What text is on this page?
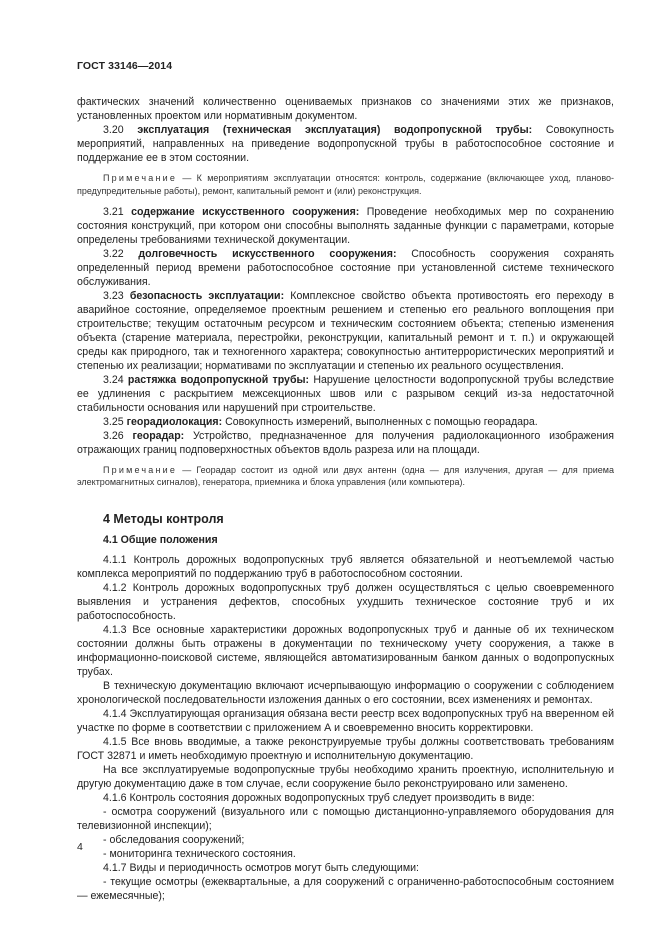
ГОСТ 33146—2014

фактических значений количественно оцениваемых признаков со значениями этих же признаков, установленных проектом или нормативным документом.

3.20 эксплуатация (техническая эксплуатация) водопропускной трубы: Совокупность мероприятий, направленных на приведение водопропускной трубы в работоспособное состояние и поддержание ее в этом состоянии.

Примечание — К мероприятиям эксплуатации относятся: контроль, содержание (включающее уход, планово-предупредительные работы), ремонт, капитальный ремонт и (или) реконструкция.

3.21 содержание искусственного сооружения: Проведение необходимых мер по сохранению состояния конструкций, при котором они способны выполнять заданные функции с параметрами, которые определены требованиями технической документации.

3.22 долговечность искусственного сооружения: Способность сооружения сохранять определенный период времени работоспособное состояние при установленной системе технического обслуживания.

3.23 безопасность эксплуатации: Комплексное свойство объекта противостоять его переходу в аварийное состояние, определяемое проектным решением и степенью его реального воплощения при строительстве; текущим остаточным ресурсом и техническим состоянием объекта; степенью изменения объекта (старение материала, перестройки, реконструкции, капитальный ремонт и т. п.) и окружающей среды как природного, так и техногенного характера; совокупностью антитеррористических мероприятий и степенью их реализации; нормативами по эксплуатации и степенью их реального осуществления.

3.24 растяжка водопропускной трубы: Нарушение целостности водопропускной трубы вследствие ее удлинения с раскрытием межсекционных швов или с разрывом секций из-за недостаточной стабильности основания или нарушений при строительстве.

3.25 георадиолокация: Совокупность измерений, выполненных с помощью георадара.

3.26 георадар: Устройство, предназначенное для получения радиолокационного изображения отражающих границ подповерхностных объектов вдоль разреза или на площади.

Примечание — Георадар состоит из одной или двух антенн (одна — для излучения, другая — для приема электромагнитных сигналов), генератора, приемника и блока управления (или компьютера).

4 Методы контроля
4.1 Общие положения

4.1.1 Контроль дорожных водопропускных труб является обязательной и неотъемлемой частью комплекса мероприятий по поддержанию труб в работоспособном состоянии.

4.1.2 Контроль дорожных водопропускных труб должен осуществляться с целью своевременного выявления и устранения дефектов, способных ухудшить техническое состояние труб и их работоспособность.

4.1.3 Все основные характеристики дорожных водопропускных труб и данные об их техническом состоянии должны быть отражены в документации по техническому учету сооружения, а также в информационно-поисковой системе, являющейся автоматизированным банком данных о водопропускных трубах.

В техническую документацию включают исчерпывающую информацию о сооружении с соблюдением хронологической последовательности изложения данных о его состоянии, всех изменениях и ремонтах.

4.1.4 Эксплуатирующая организация обязана вести реестр всех водопропускных труб на вверенном ей участке по форме в соответствии с приложением А и своевременно вносить корректировки.

4.1.5 Все вновь вводимые, а также реконструируемые трубы должны соответствовать требованиям ГОСТ 32871 и иметь необходимую проектную и исполнительную документацию.

На все эксплуатируемые водопропускные трубы необходимо хранить проектную, исполнительную и другую документацию даже в том случае, если сооружение было реконструировано или заменено.

4.1.6 Контроль состояния дорожных водопропускных труб следует производить в виде:

- осмотра сооружений (визуального или с помощью дистанционно-управляемого оборудования для телевизионной инспекции);

- обследования сооружений;

- мониторинга технического состояния.

4.1.7 Виды и периодичность осмотров могут быть следующими:

- текущие осмотры (ежеквартальные, а для сооружений с ограниченно-работоспособным состоянием — ежемесячные);

4
